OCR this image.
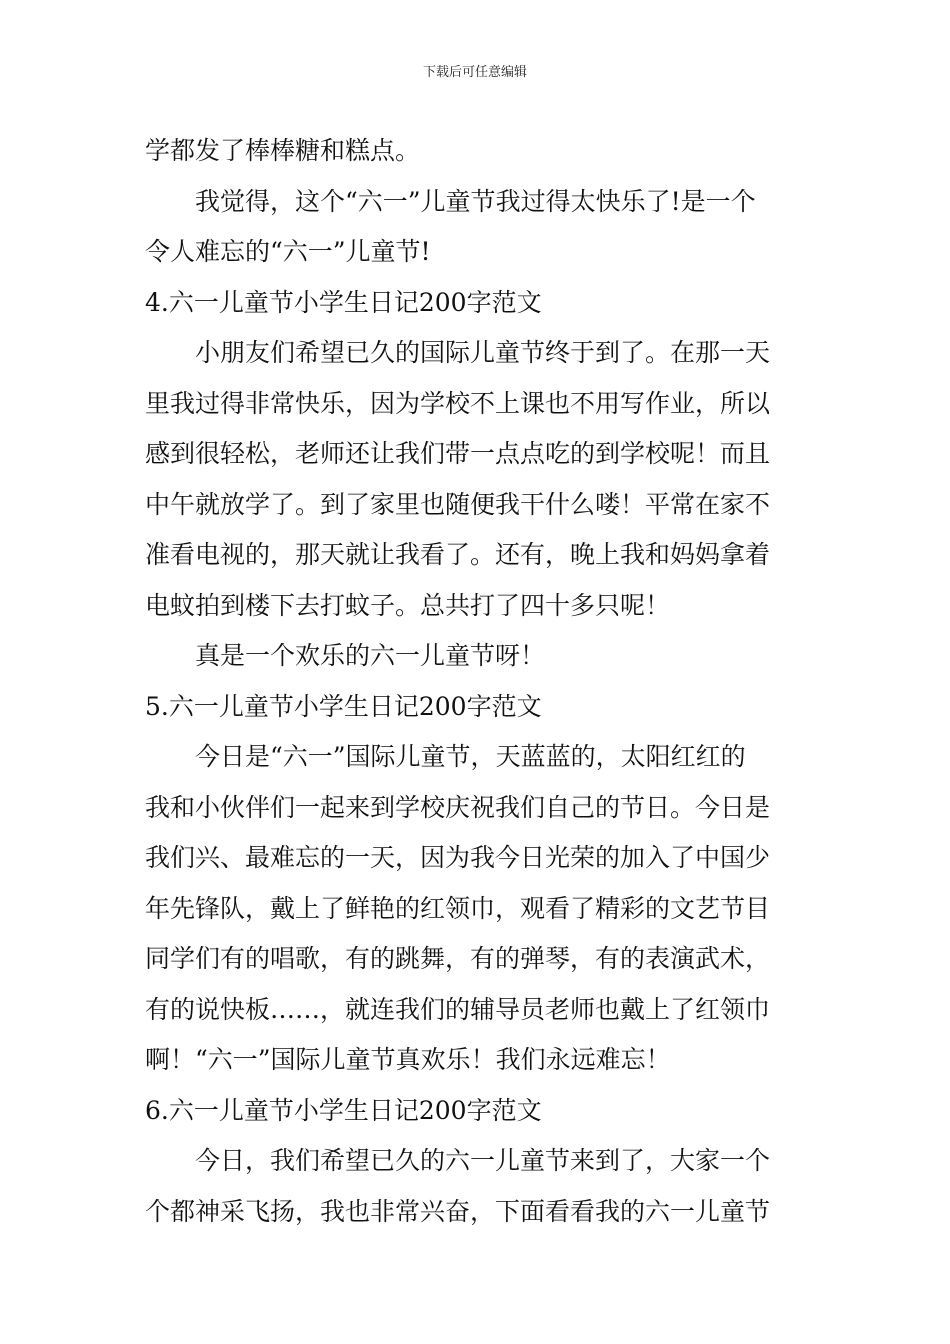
下载后可任意编辑
学都发了棒棒糖和糕点。
我觉得，这个“六一”儿童节我过得太快乐了!是一个
令人难忘的“六一”儿童节!
4.六一儿童节小学生日记200字范文
小朋友们希望已久的国际儿童节终于到了。在那一天
里我过得非常快乐，因为学校不上课也不用写作业，所以
感到很轻松，老师还让我们带一点点吃的到学校呢！而且
中午就放学了。到了家里也随便我干什么喽！平常在家不
准看电视的，那天就让我看了。还有，晚上我和妈妈拿着
电蚊拍到楼下去打蚊子。总共打了四十多只呢！
真是一个欢乐的六一儿童节呀！
5.六一儿童节小学生日记200字范文
今日是“六一”国际儿童节，天蓝蓝的，太阳红红的
我和小伙伴们一起来到学校庆祝我们自己的节日。今日是
我们兴、最难忘的一天，因为我今日光荣的加入了中国少
年先锋队，戴上了鲜艳的红领巾，观看了精彩的文艺节目
同学们有的唱歌，有的跳舞，有的弹琴，有的表演武术，
有的说快板……，就连我们的辅导员老师也戴上了红领巾
啊！“六一”国际儿童节真欢乐！我们永远难忘！
6.六一儿童节小学生日记200字范文
今日，我们希望已久的六一儿童节来到了，大家一个
个都神采飞扬，我也非常兴奋，下面看看我的六一儿童节
